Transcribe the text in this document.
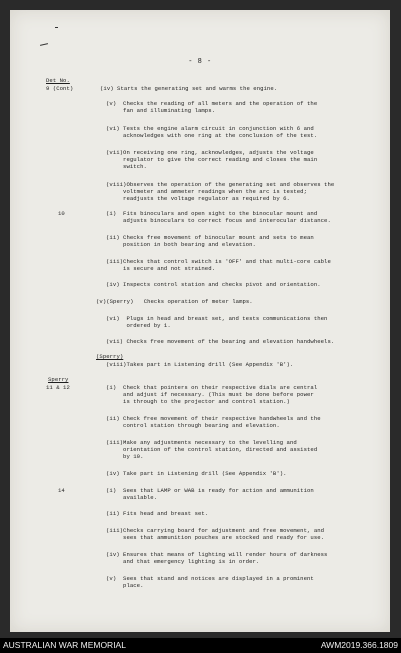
- 8 -
Det No.
9 (Cont)	(iv) Starts the generating set and warms the engine.
(v)  Checks the reading of all meters and the operation of the
fan and illuminating lamps.
(vi) Tests the engine alarm circuit in conjunction with 6 and
acknowledges with one ring at the conclusion of the test.
(vii)On receiving one ring, acknowledges, adjusts the voltage
regulator to give the correct reading and closes the main
switch.
(viii)Observes the operation of the generating set and observes the
voltmeter and ammeter readings when the arc is tested;
readjusts the voltage regulator as required by 6.
10	(i)  Fits binoculars and open sight to the binocular mount and
adjusts binoculars to correct focus and interocular distance.
(ii) Checks free movement of binocular mount and sets to mean
position in both bearing and elevation.
(iii)Checks that control switch is 'OFF' and that multi-core cable
is secure and not strained.
(iv) Inspects control station and checks pivot and orientation.
(v)(Sperry)   Checks operation of meter lamps.
(vi)  Plugs in head and breast set, and tests communications then
ordered by 1.
(vii) Checks free movement of the bearing and elevation handwheels.
(Sperry)
(viii)Takes part in Listening drill (See Appendix 'B').
Sperry
11 & 12	(i)  Check that pointers on their respective dials are central
and adjust if necessary. (This must be done before power
is through to the projector and control station.)
(ii) Check free movement of their respective handwheels and the
control station through bearing and elevation.
(iii)Make any adjustments necessary to the levelling and
orientation of the control station, directed and assisted
by 10.
(iv) Take part in Listening drill (See Appendix 'B').
14	(i)  Sees that LAMP or WAB is ready for action and ammunition
available.
(ii) Fits head and breast set.
(iii)Checks carrying board for adjustment and free movement, and
sees that ammunition pouches are stocked and ready for use.
(iv) Ensures that means of lighting will render hours of darkness
and that emergency lighting is in order.
(v)  Sees that stand and notices are displayed in a prominent
place.
AUSTRALIAN WAR MEMORIAL	AWM2019.366.1809
